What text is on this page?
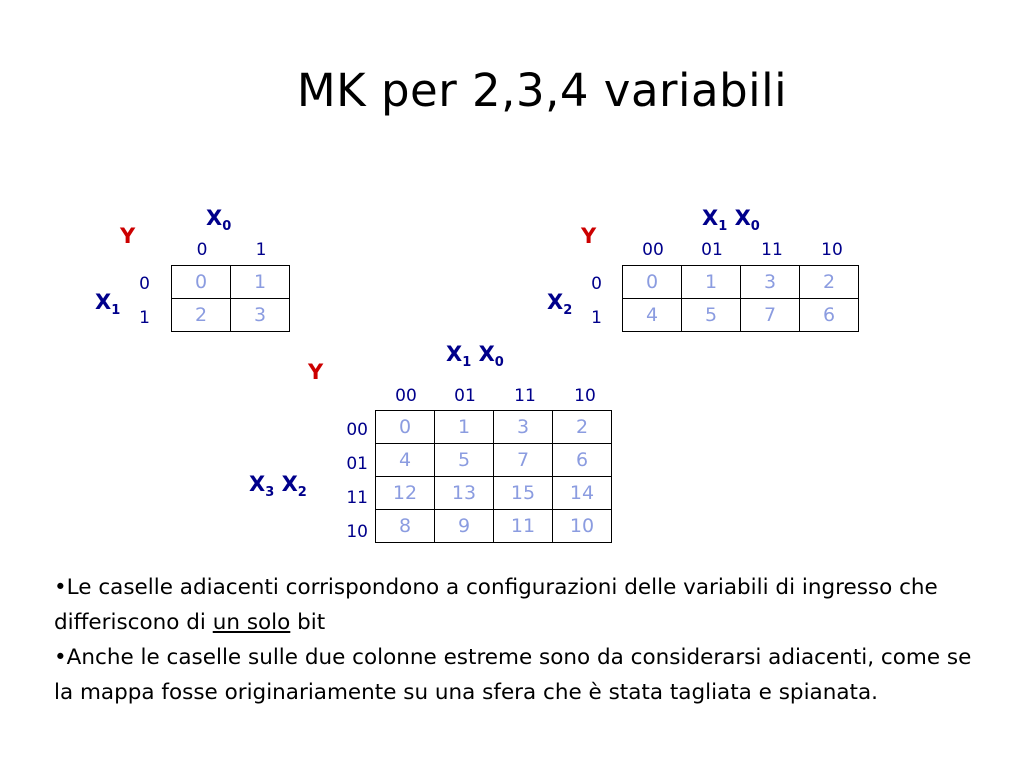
MK per 2,3,4 variabili
Y
$X_0$
0	1
$X_1$
0
1
0	1
2	3
Y
$X_1$ $X_0$
00	01	11	10
$X_2$
0
1
0	1	3	2
4	5	7	6
Y
$X_1$ $X_0$
00	01	11	10
$X_3$ $X_2$
00
01
11
10
0	1	3	2
4	5	7	6
12	13	15	14
8	9	11	10

•Le caselle adiacenti corrispondono a configurazioni delle variabili di ingresso che differiscono di un solo bit

•Anche le caselle sulle due colonne estreme sono da considerarsi adiacenti, come se la mappa fosse originariamente su una sfera che è stata tagliata e spianata.
